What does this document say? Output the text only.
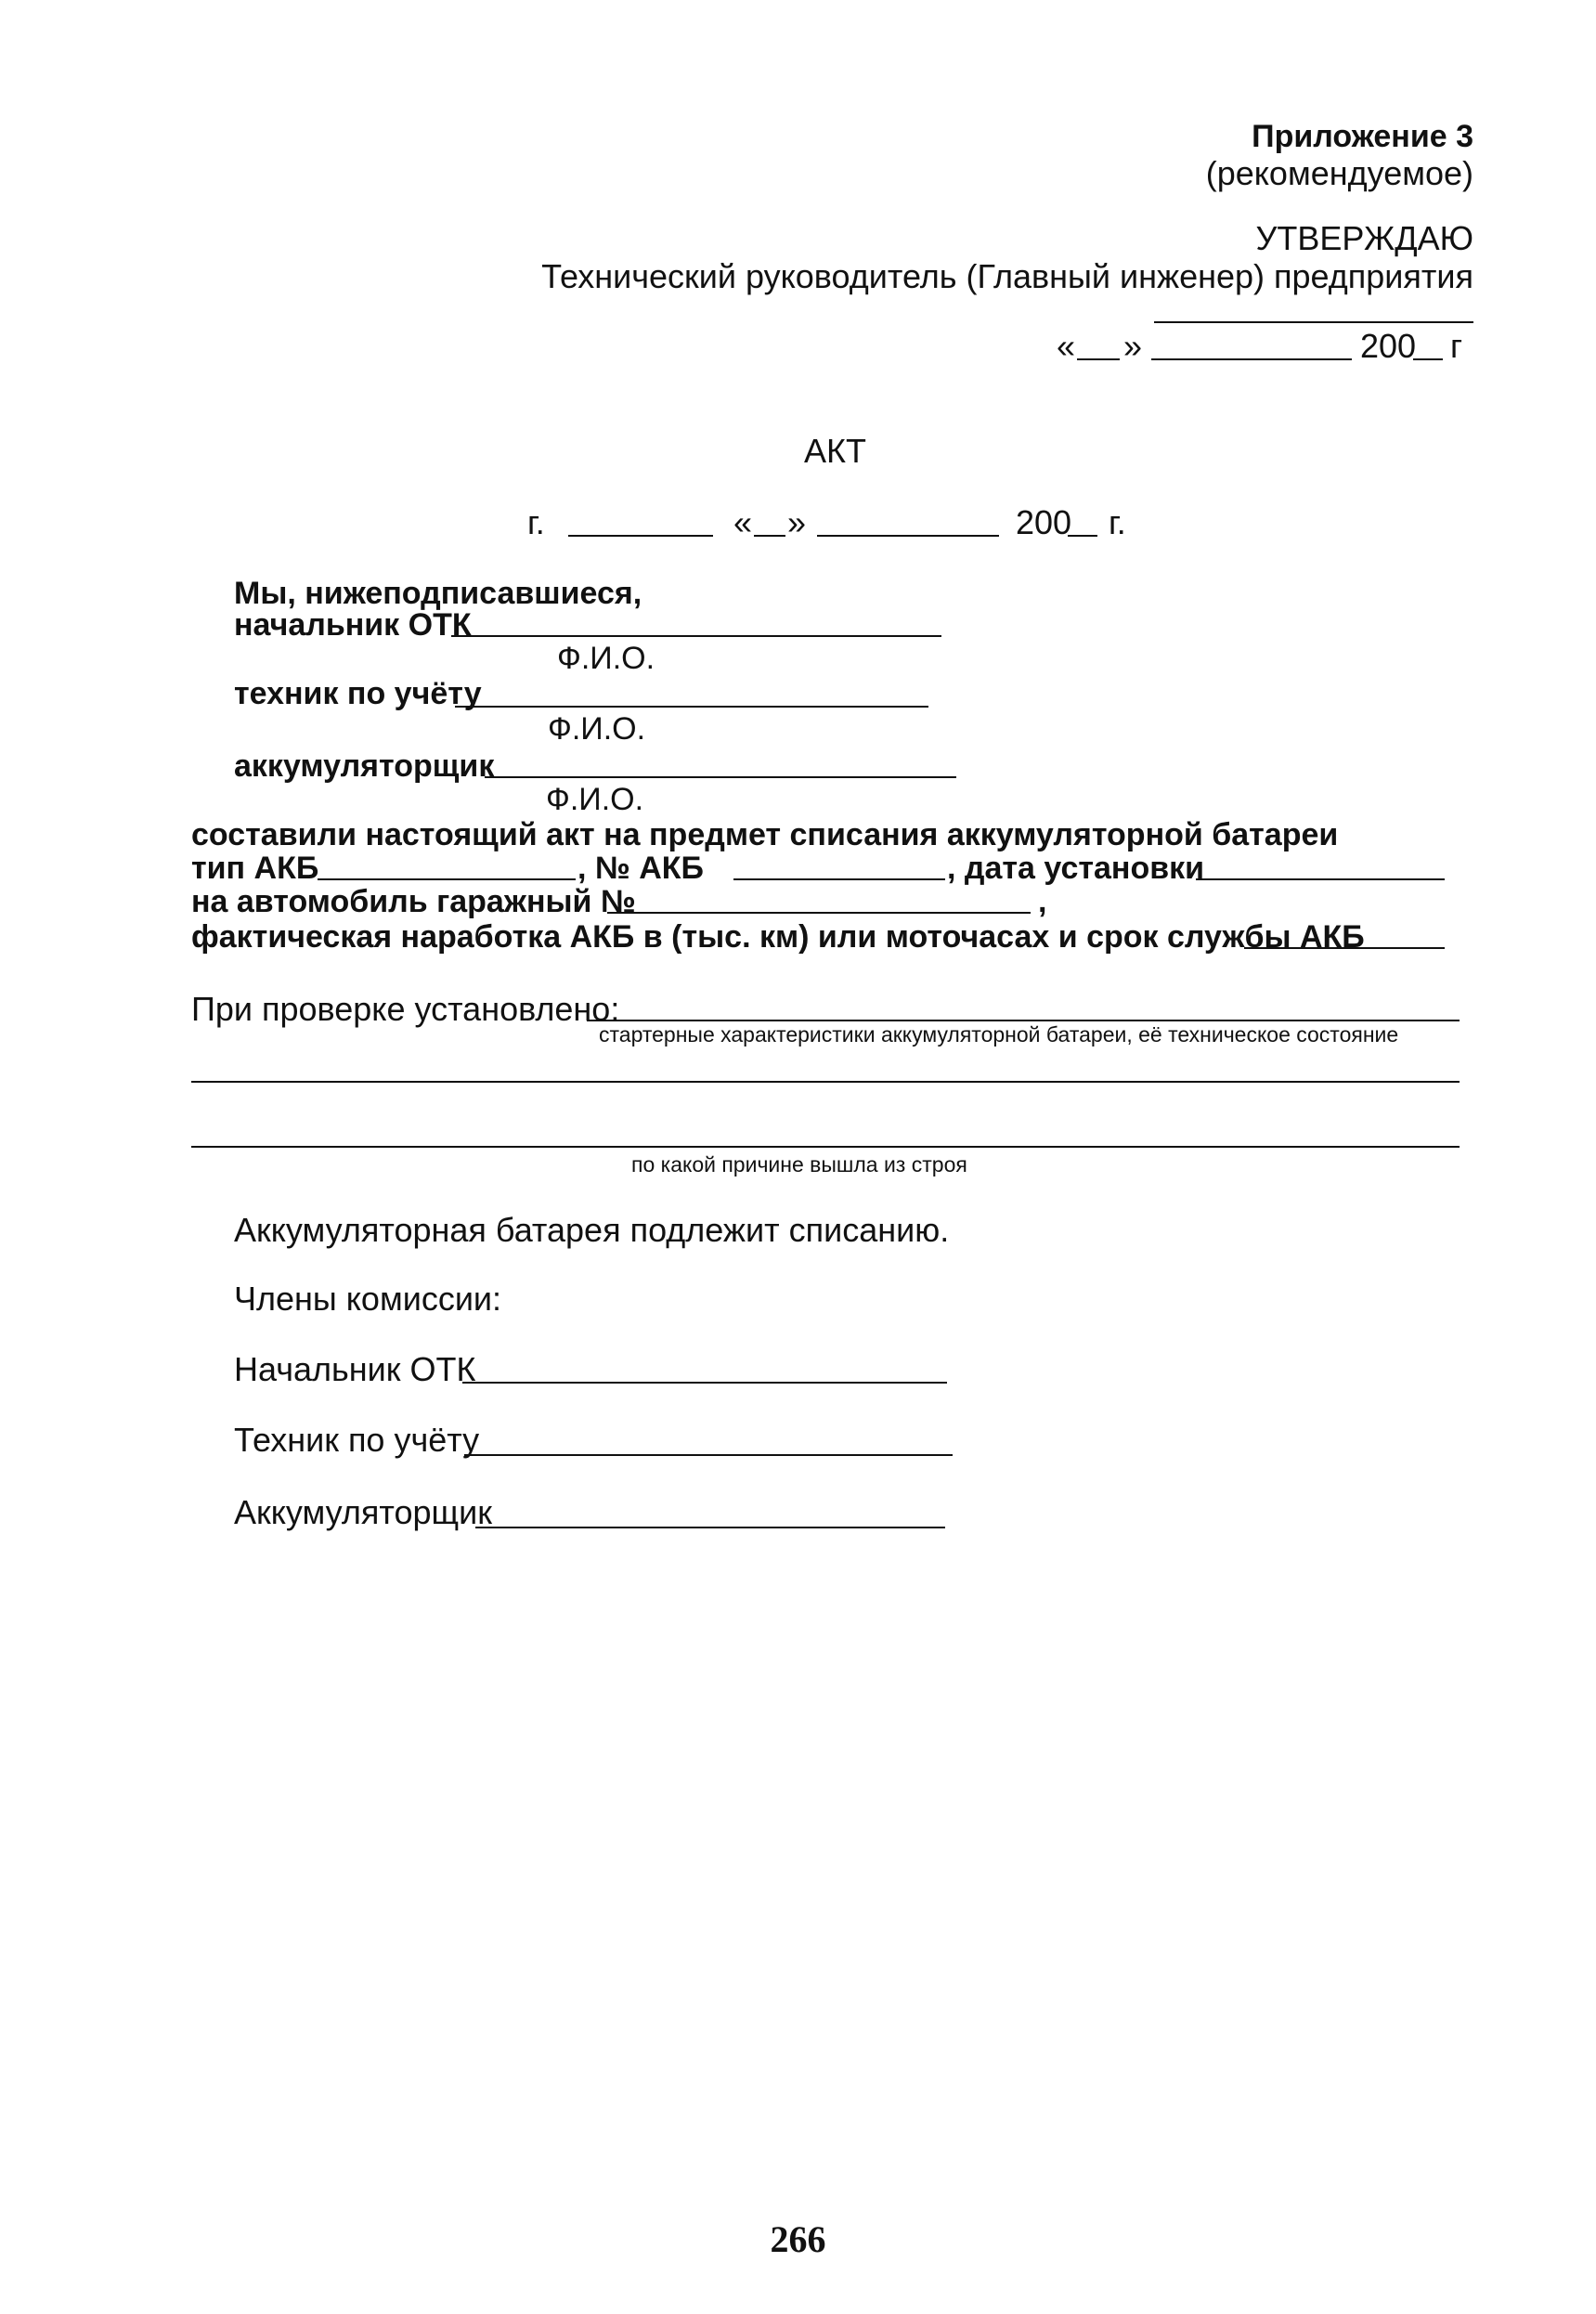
Приложение 3
(рекомендуемое)
УТВЕРЖДАЮ
Технический руководитель (Главный инженер) предприятия
« »	200 г
АКТ
г.	« »	200 г.
Мы, нижеподписавшиеся,
начальник ОТК
Ф.И.О.
техник по учёту
Ф.И.О.
аккумуляторщик
Ф.И.О.
составили настоящий акт на предмет списания аккумуляторной батареи
тип АКБ	, № АКБ	, дата установки
на автомобиль гаражный №	,
фактическая наработка АКБ в (тыс. км) или моточасах и срок службы АКБ
При проверке установлено:
стартерные характеристики аккумуляторной батареи, её техническое состояние
по какой причине вышла из строя
Аккумуляторная батарея подлежит списанию.
Члены комиссии:
Начальник ОТК
Техник по учёту
Аккумуляторщик
266
